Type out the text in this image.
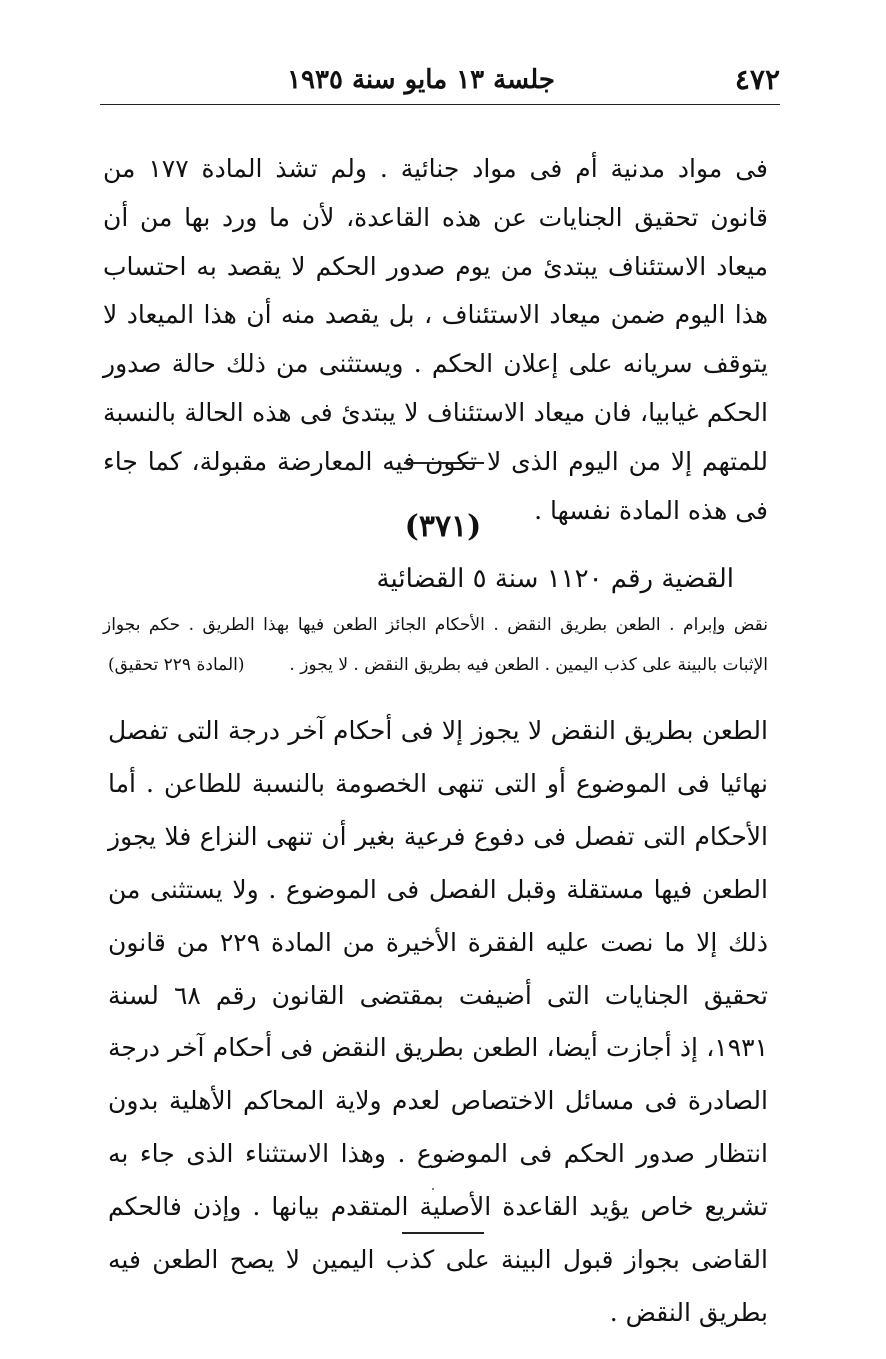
٤٧٢
جلسة ١٣ مايو سنة ١٩٣٥

فى مواد مدنية أم فى مواد جنائية . ولم تشذ المادة ١٧٧ من قانون تحقيق الجنايات عن هذه القاعدة، لأن ما ورد بها من أن ميعاد الاستئناف يبتدئ من يوم صدور الحكم لا يقصد به احتساب هذا اليوم ضمن ميعاد الاستئناف ، بل يقصد منه أن هذا الميعاد لا يتوقف سريانه على إعلان الحكم . ويستثنى من ذلك حالة صدور الحكم غيابيا، فان ميعاد الاستئناف لا يبتدئ فى هذه الحالة بالنسبة للمتهم إلا من اليوم الذى لا تكون فيه المعارضة مقبولة، كما جاء فى هذه المادة نفسها .

(٣٧١)
القضية رقم ١١٢٠ سنة ٥ القضائية
نقض وإبرام . الطعن بطريق النقض . الأحكام الجائز الطعن فيها بهذا الطريق . حكم بجواز
الإثبات بالبينة على كذب اليمين . الطعن فيه بطريق النقض . لا يجوز .
(المادة ٢٢٩ تحقيق)

الطعن بطريق النقض لا يجوز إلا فى أحكام آخر درجة التى تفصل نهائيا فى الموضوع أو التى تنهى الخصومة بالنسبة للطاعن . أما الأحكام التى تفصل فى دفوع فرعية بغير أن تنهى النزاع فلا يجوز الطعن فيها مستقلة وقبل الفصل فى الموضوع . ولا يستثنى من ذلك إلا ما نصت عليه الفقرة الأخيرة من المادة ٢٢٩ من قانون تحقيق الجنايات التى أضيفت بمقتضى القانون رقم ٦٨ لسنة ١٩٣١، إذ أجازت أيضا، الطعن بطريق النقض فى أحكام آخر درجة الصادرة فى مسائل الاختصاص لعدم ولاية المحاكم الأهلية بدون انتظار صدور الحكم فى الموضوع . وهذا الاستثناء الذى جاء به تشريع خاص يؤيد القاعدة الأصلية المتقدم بيانها . وإذن فالحكم القاضى بجواز قبول البينة على كذب اليمين لا يصح الطعن فيه بطريق النقض .
